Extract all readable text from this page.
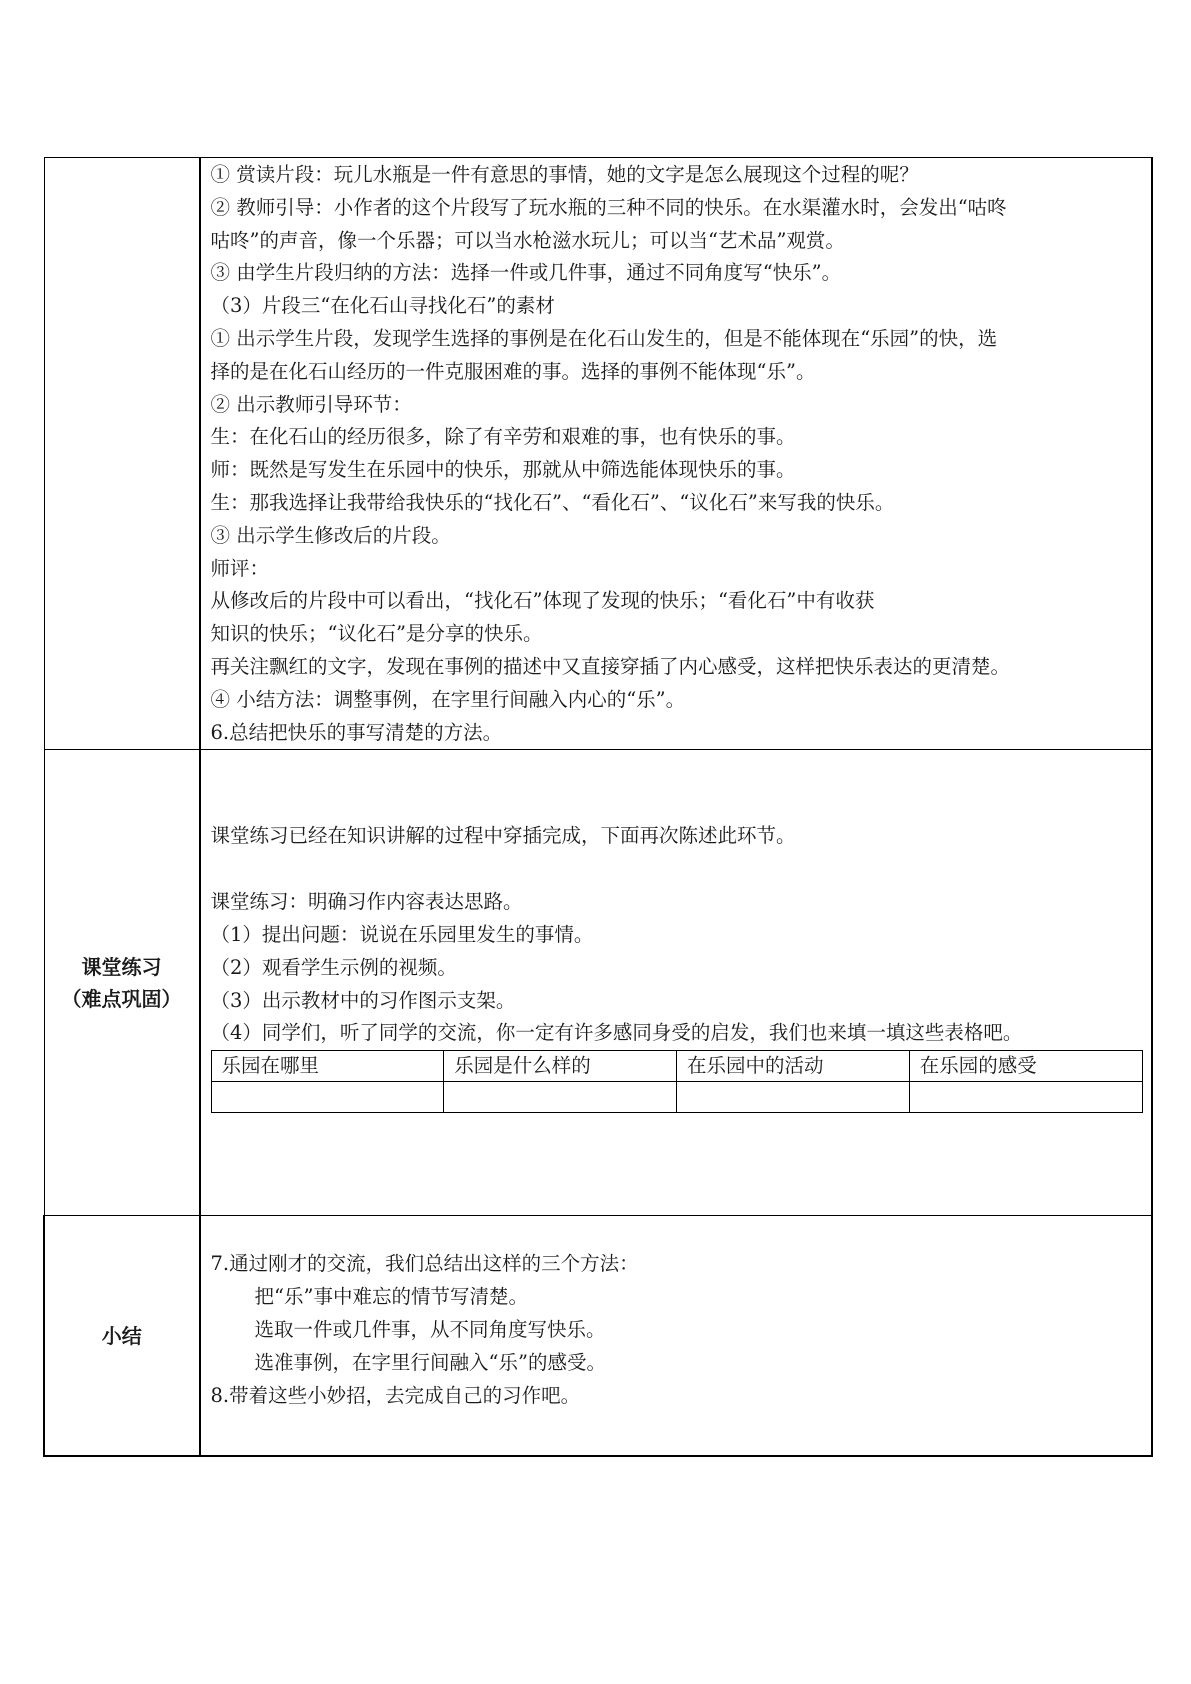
① 赏读片段：玩儿水瓶是一件有意思的事情，她的文字是怎么展现这个过程的呢？
② 教师引导：小作者的这个片段写了玩水瓶的三种不同的快乐。在水渠灌水时，会发出“咕咚
咕咚”的声音，像一个乐器；可以当水枪滋水玩儿；可以当“艺术品”观赏。
③ 由学生片段归纳的方法：选择一件或几件事，通过不同角度写“快乐”。
（3）片段三“在化石山寻找化石”的素材
① 出示学生片段，发现学生选择的事例是在化石山发生的，但是不能体现在“乐园”的快，选
择的是在化石山经历的一件克服困难的事。选择的事例不能体现“乐”。
② 出示教师引导环节：
生：在化石山的经历很多，除了有辛劳和艰难的事，也有快乐的事。
师：既然是写发生在乐园中的快乐，那就从中筛选能体现快乐的事。
生：那我选择让我带给我快乐的“找化石”、“看化石”、“议化石”来写我的快乐。
③ 出示学生修改后的片段。
师评：
从修改后的片段中可以看出，“找化石”体现了发现的快乐；“看化石”中有收获
知识的快乐；“议化石”是分享的快乐。
再关注飘红的文字，发现在事例的描述中又直接穿插了内心感受，这样把快乐表达的更清楚。
④ 小结方法：调整事例，在字里行间融入内心的“乐”。
6.总结把快乐的事写清楚的方法。

课堂练习
（难点巩固）

课堂练习已经在知识讲解的过程中穿插完成，下面再次陈述此环节。
课堂练习：明确习作内容表达思路。
（1）提出问题：说说在乐园里发生的事情。
（2）观看学生示例的视频。
（3）出示教材中的习作图示支架。
（4）同学们，听了同学的交流，你一定有许多感同身受的启发，我们也来填一填这些表格吧。
乐园在哪里	乐园是什么样的	在乐园中的活动	在乐园的感受

小结	
7.通过刚才的交流，我们总结出这样的三个方法：
把“乐”事中难忘的情节写清楚。
选取一件或几件事，从不同角度写快乐。
选准事例，在字里行间融入“乐”的感受。
8.带着这些小妙招，去完成自己的习作吧。
